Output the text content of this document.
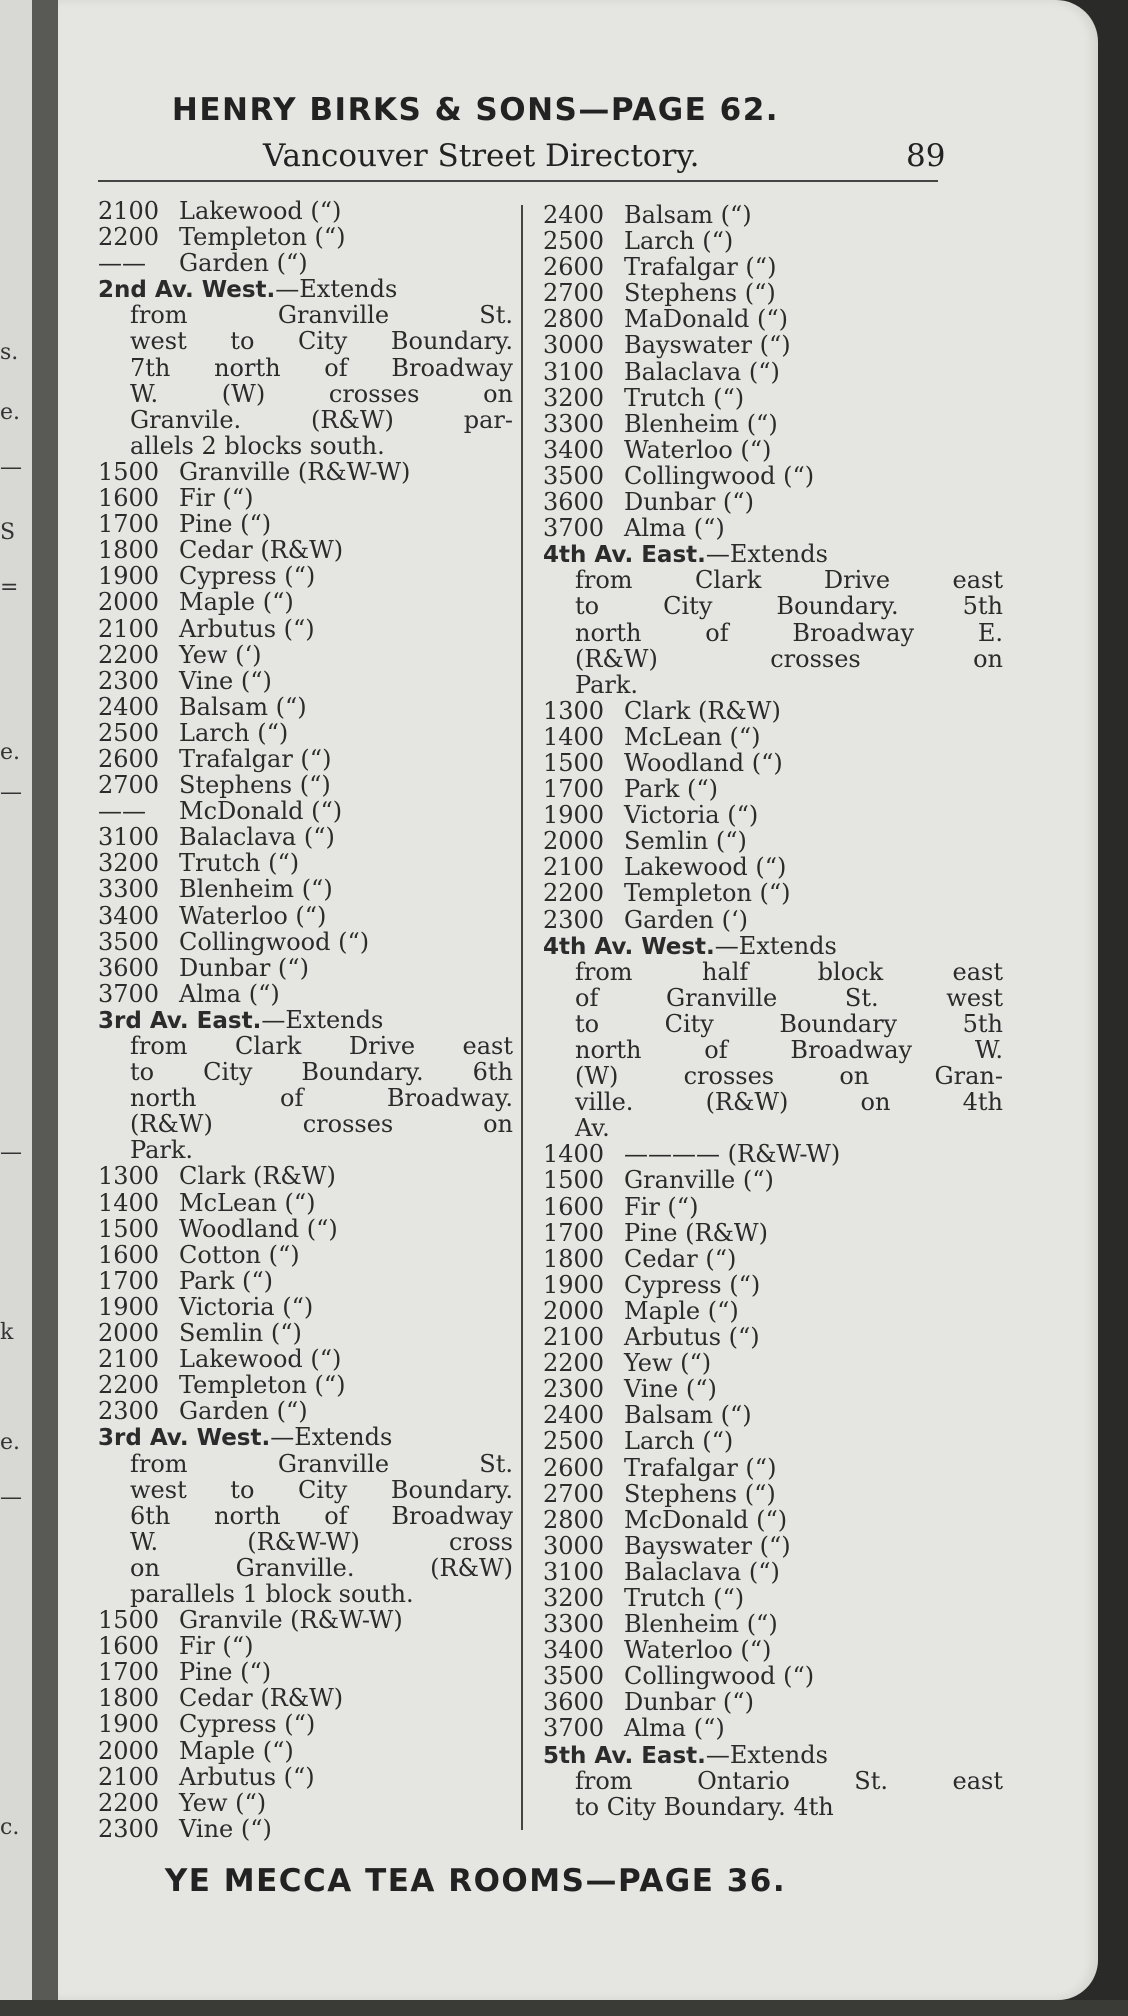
s.
e.
—
S
=
e.
—
—
k
e.
—
c.
HENRY BIRKS & SONS—PAGE 62.
Vancouver Street Directory.	89
2100 Lakewood (“)
2200 Templeton (“)
—— Garden (“)
2nd Av. West.—Extends
from Granville St.
west to City Boundary.
7th north of Broadway
W. (W) crosses on
Granvile. (R&W) par-
allels 2 blocks south.
1500 Granville (R&W-W)
1600 Fir (“)
1700 Pine (“)
1800 Cedar (R&W)
1900 Cypress (“)
2000 Maple (“)
2100 Arbutus (“)
2200 Yew (‘)
2300 Vine (“)
2400 Balsam (“)
2500 Larch (“)
2600 Trafalgar (“)
2700 Stephens (“)
—— McDonald (“)
3100 Balaclava (“)
3200 Trutch (“)
3300 Blenheim (“)
3400 Waterloo (“)
3500 Collingwood (“)
3600 Dunbar (“)
3700 Alma (“)
3rd Av. East.—Extends
from Clark Drive east
to City Boundary. 6th
north of Broadway.
(R&W) crosses on
Park.
1300 Clark (R&W)
1400 McLean (“)
1500 Woodland (“)
1600 Cotton (“)
1700 Park (“)
1900 Victoria (“)
2000 Semlin (“)
2100 Lakewood (“)
2200 Templeton (“)
2300 Garden (“)
3rd Av. West.—Extends
from Granville St.
west to City Boundary.
6th north of Broadway
W. (R&W-W) cross
on Granville. (R&W)
parallels 1 block south.
1500 Granvile (R&W-W)
1600 Fir (“)
1700 Pine (“)
1800 Cedar (R&W)
1900 Cypress (“)
2000 Maple (“)
2100 Arbutus (“)
2200 Yew (“)
2300 Vine (“)
2400 Balsam (“)
2500 Larch (“)
2600 Trafalgar (“)
2700 Stephens (“)
2800 MaDonald (“)
3000 Bayswater (“)
3100 Balaclava (“)
3200 Trutch (“)
3300 Blenheim (“)
3400 Waterloo (“)
3500 Collingwood (“)
3600 Dunbar (“)
3700 Alma (“)
4th Av. East.—Extends
from Clark Drive east
to City Boundary. 5th
north of Broadway E.
(R&W) crosses on
Park.
1300 Clark (R&W)
1400 McLean (“)
1500 Woodland (“)
1700 Park (“)
1900 Victoria (“)
2000 Semlin (“)
2100 Lakewood (“)
2200 Templeton (“)
2300 Garden (‘)
4th Av. West.—Extends
from half block east
of Granville St. west
to City Boundary 5th
north of Broadway W.
(W) crosses on Gran-
ville. (R&W) on 4th
Av.
1400 ———— (R&W-W)
1500 Granville (“)
1600 Fir (“)
1700 Pine (R&W)
1800 Cedar (“)
1900 Cypress (“)
2000 Maple (“)
2100 Arbutus (“)
2200 Yew (“)
2300 Vine (“)
2400 Balsam (“)
2500 Larch (“)
2600 Trafalgar (“)
2700 Stephens (“)
2800 McDonald (“)
3000 Bayswater (“)
3100 Balaclava (“)
3200 Trutch (“)
3300 Blenheim (“)
3400 Waterloo (“)
3500 Collingwood (“)
3600 Dunbar (“)
3700 Alma (“)
5th Av. East.—Extends
from Ontario St. east
to City Boundary. 4th
YE MECCA TEA ROOMS—PAGE 36.
